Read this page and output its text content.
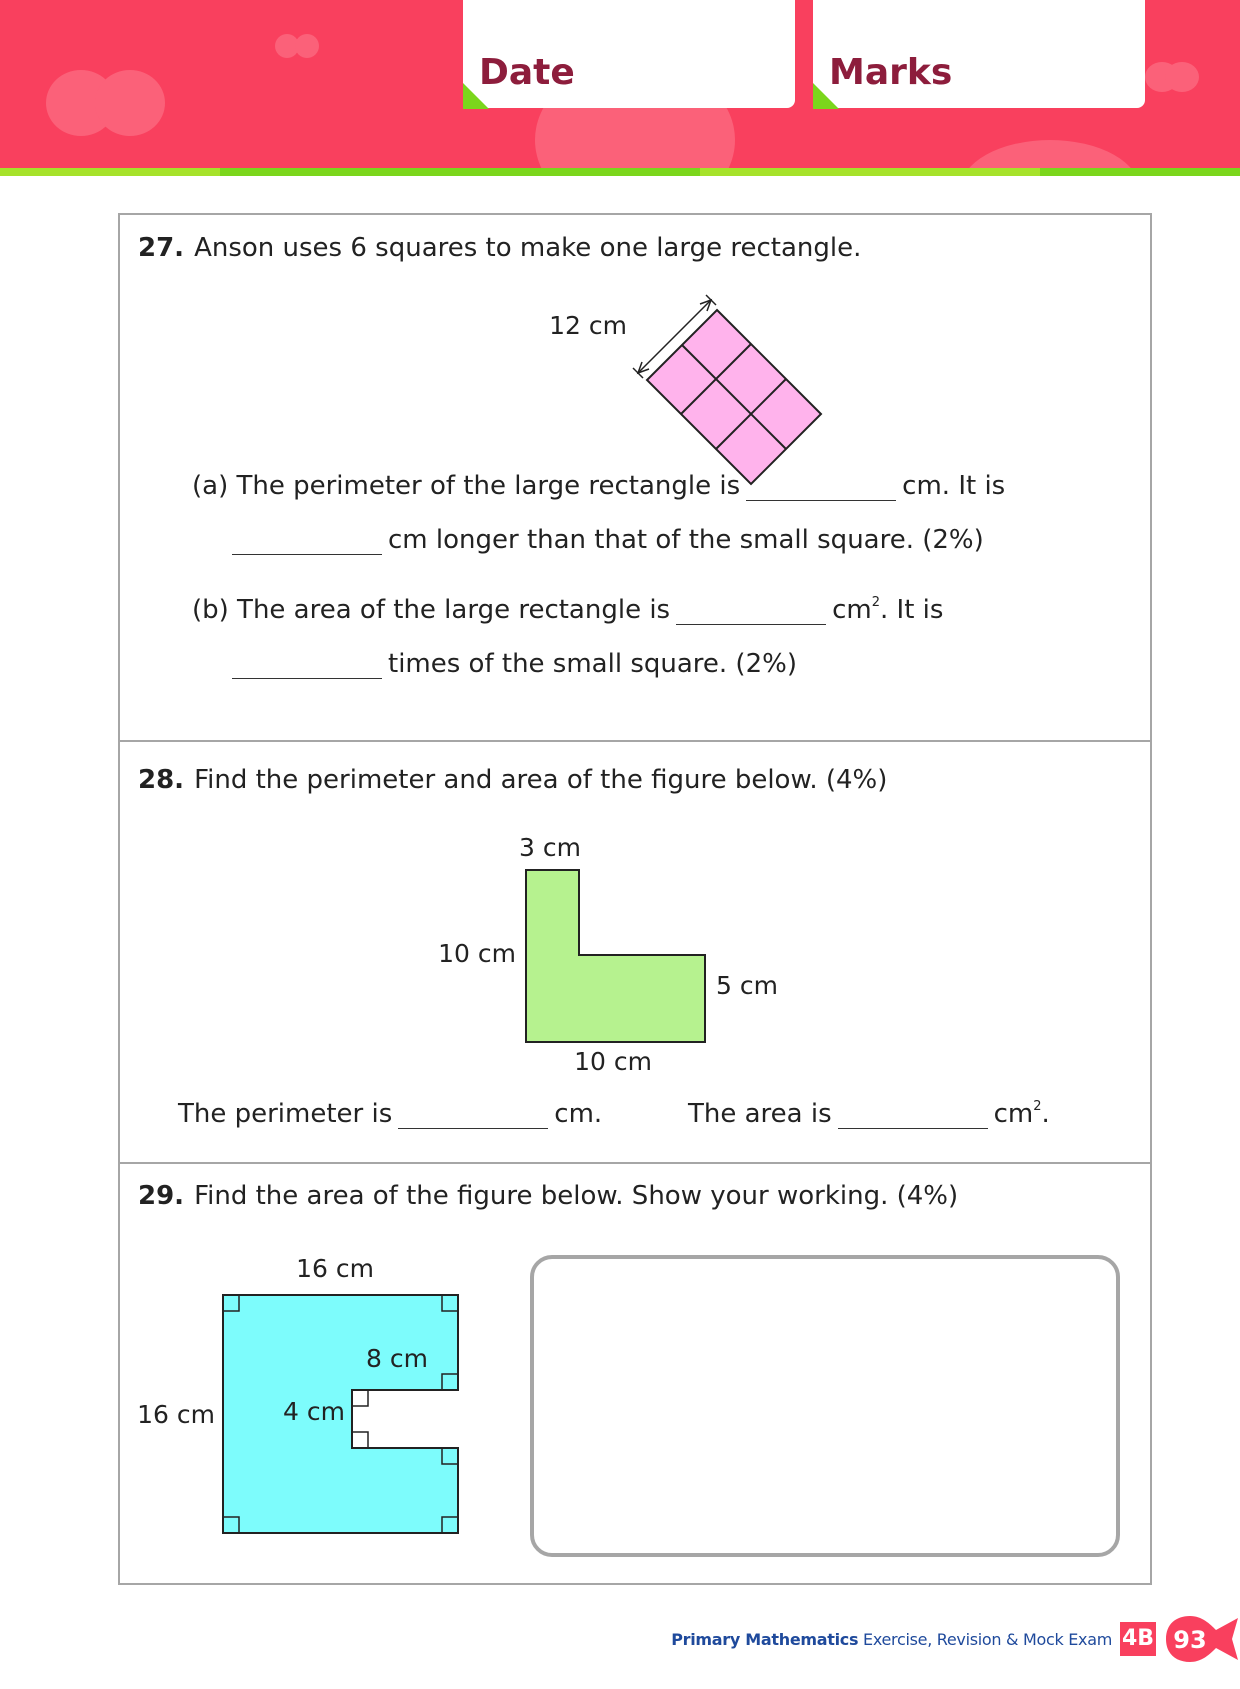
Date	Marks
27. Anson uses 6 squares to make one large rectangle.
12 cm
(a) The perimeter of the large rectangle is	cm. It is
cm longer than that of the small square. (2%)
(b) The area of the large rectangle is	$cm^2$. It is
times of the small square. (2%)
28. Find the perimeter and area of the figure below. (4%)
3 cm
10 cm
5 cm
10 cm
The perimeter is	cm.	The area is	$cm^2$.
29. Find the area of the figure below. Show your working. (4%)
16 cm
16 cm
8 cm
4 cm
Primary Mathematics Exercise, Revision & Mock Exam 4B 93
